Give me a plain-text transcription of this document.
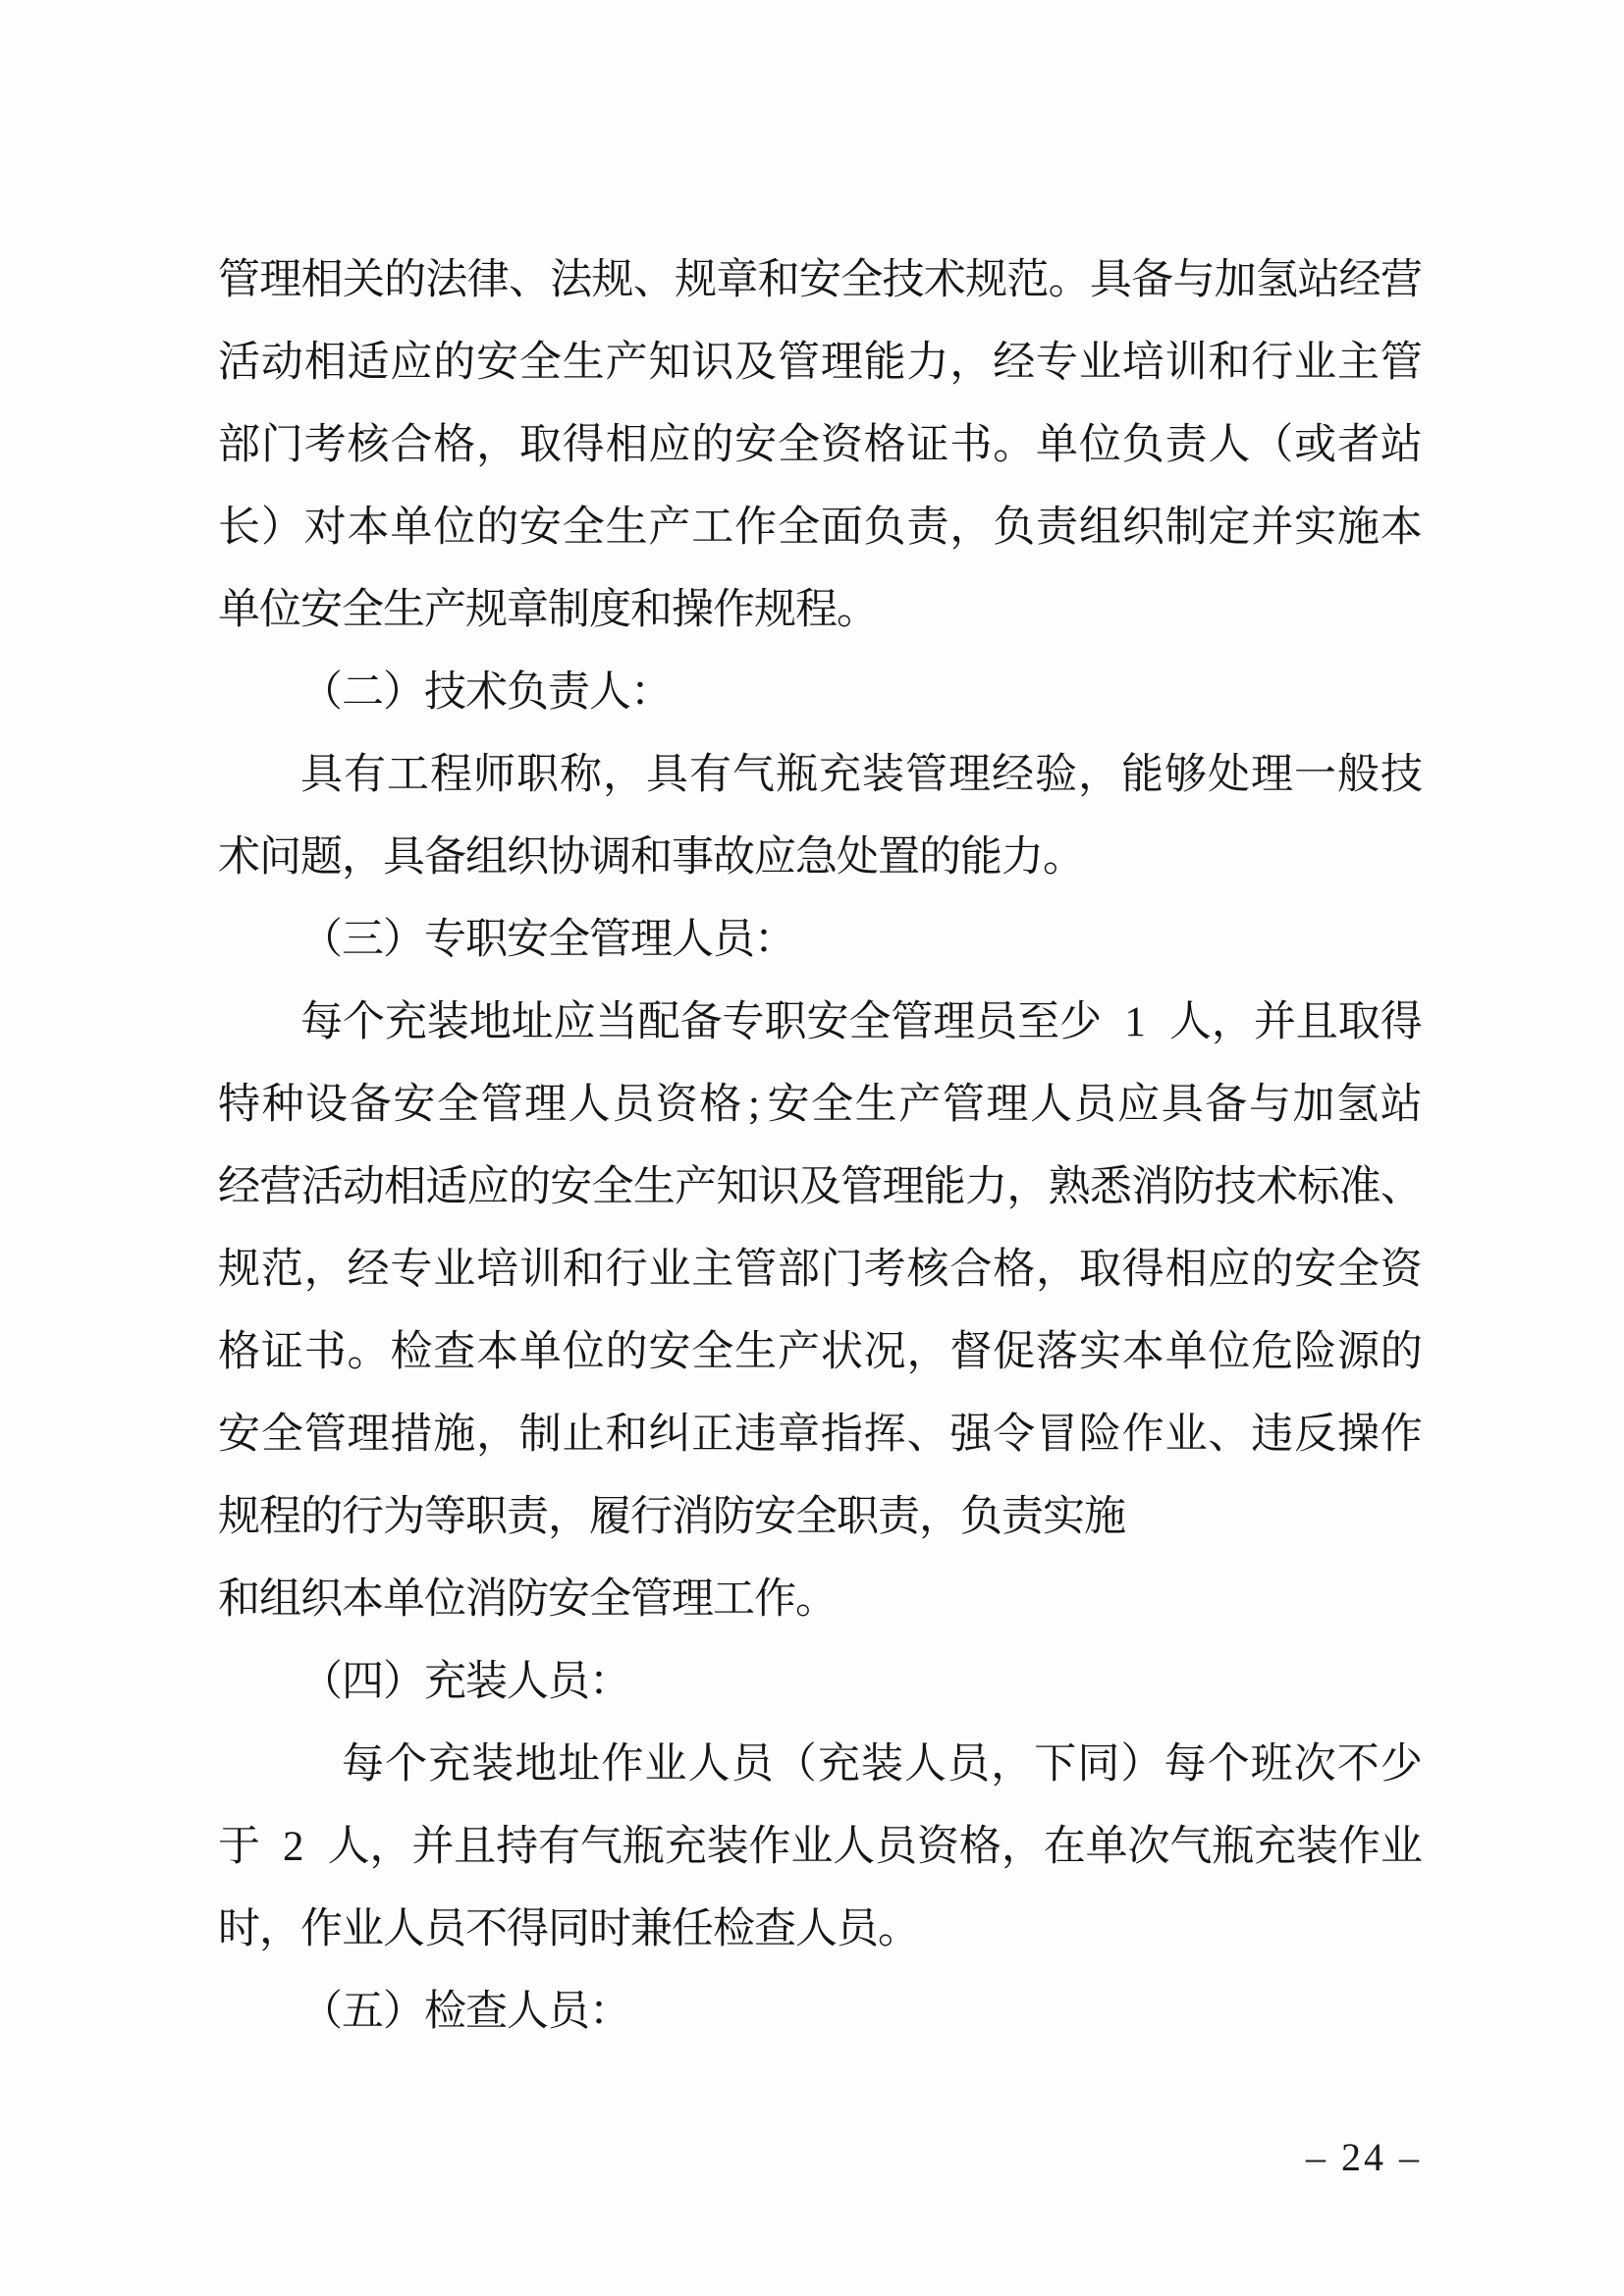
管 理 相 关 的 法 律 、 法 规 、 规 章 和 安 全 技 术 规 范 。 具 备 与 加 氢 站 经 营
活 动 相 适 应 的 安 全 生 产 知 识 及 管 理 能 力 ， 经 专 业 培 训 和 行 业 主 管
部 门 考 核 合 格 ， 取 得 相 应 的 安 全 资 格 证 书 。 单 位 负 责 人 （ 或 者 站
长 ） 对 本 单 位 的 安 全 生 产 工 作 全 面 负 责 ， 负 责 组 织 制 定 并 实 施 本
单位安全生产规章制度和操作规程。
（二）技术负责人：
具 有 工 程 师 职 称 ， 具 有 气 瓶 充 装 管 理 经 验 ， 能 够 处 理 一 般 技
术问题，具备组织协调和事故应急处置的能力。
（三）专职安全管理人员：
每 个 充 装 地 址 应 当 配 备 专 职 安 全 管 理 员 至 少 1 人 ， 并 且 取 得
特 种 设 备 安 全 管 理 人 员 资 格 ; 安 全 生 产 管 理 人 员 应 具 备 与 加 氢 站
经 营 活 动 相 适 应 的 安 全 生 产 知 识 及 管 理 能 力 ， 熟 悉 消 防 技 术 标 准 、
规 范 ， 经 专 业 培 训 和 行 业 主 管 部 门 考 核 合 格 ， 取 得 相 应 的 安 全 资
格 证 书 。 检 查 本 单 位 的 安 全 生 产 状 况 ， 督 促 落 实 本 单 位 危 险 源 的
安 全 管 理 措 施 ， 制 止 和 纠 正 违 章 指 挥 、 强 令 冒 险 作 业 、 违 反 操 作
规程的行为等职责，履行消防安全职责，负责实施
和组织本单位消防安全管理工作。
（四）充装人员：
每 个 充 装 地 址 作 业 人 员 （ 充 装 人 员 ， 下 同 ） 每 个 班 次 不 少
于 2 人 ， 并 且 持 有 气 瓶 充 装 作 业 人 员 资 格 ， 在 单 次 气 瓶 充 装 作 业
时，作业人员不得同时兼任检查人员。
（五）检查人员：
– 24 –
